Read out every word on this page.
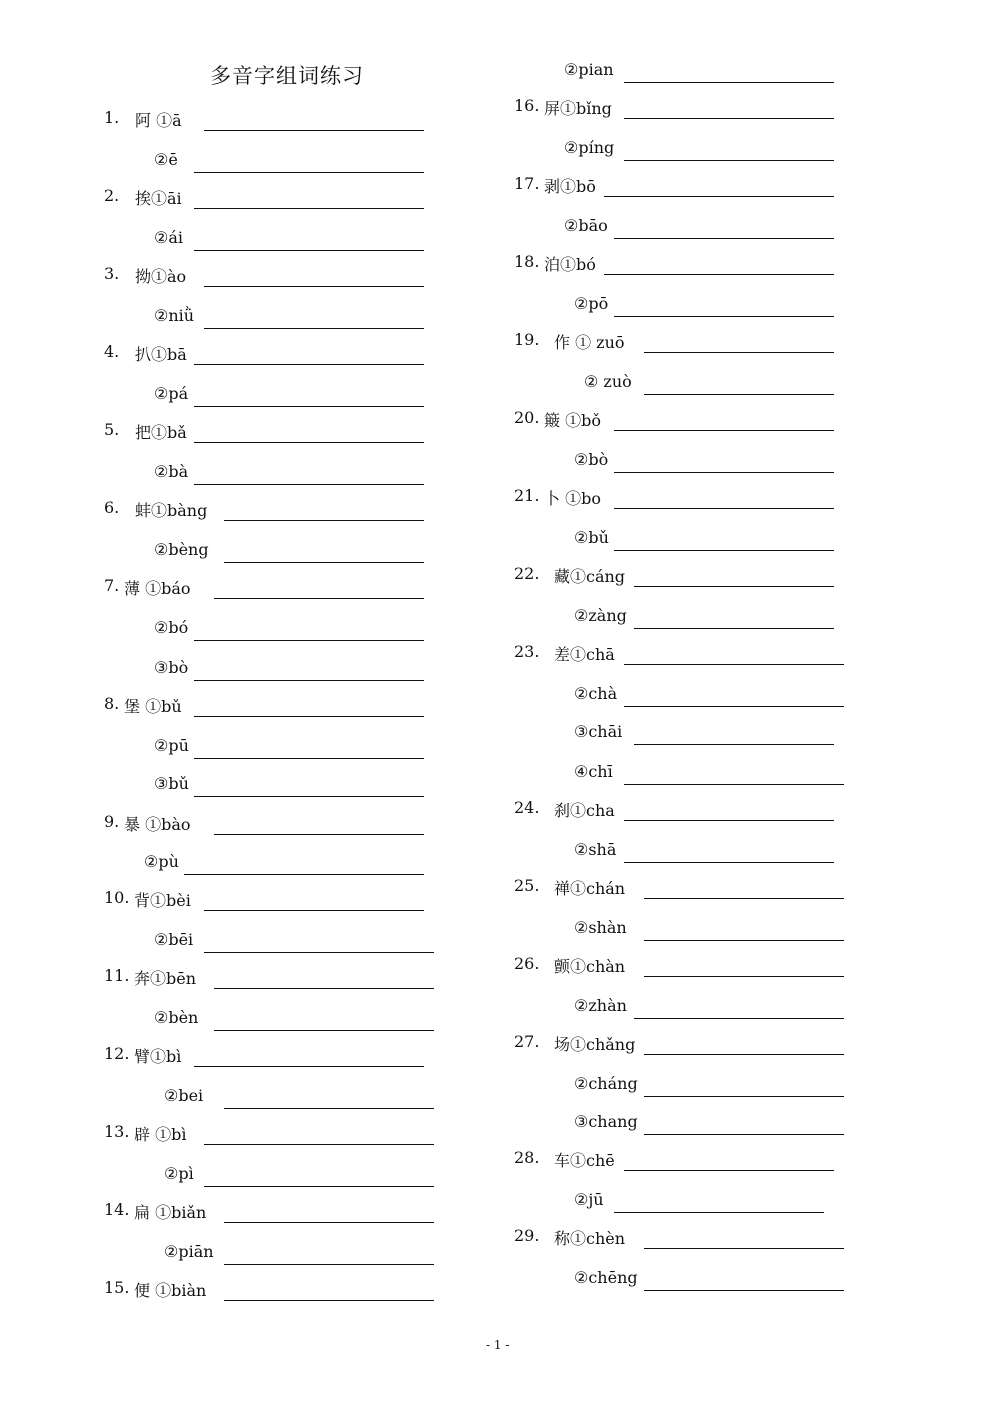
多音字组词练习
1. 阿 ①ā
②ē
2. 挨①āi
②ái
3. 拗①ào
②niǜ
4. 扒①bā
②pá
5. 把①bǎ
②bà
6. 蚌①bàng
②bèng
7. 薄 ①báo
②bó
③bò
8. 堡 ①bǔ
②pū
③bǔ
9. 暴 ①bào
②pù
10. 背①bèi
②bēi
11. 奔①bēn
②bèn
12. 臂①bì
②bei
13. 辟 ①bì
②pì
14. 扁 ①biǎn
②piān
15. 便 ①biàn
②pian
16. 屏①bǐng
②píng
17. 剥①bō
②bāo
18. 泊①bó
②pō
19. 作 ① zuō
② zuò
20. 簸 ①bǒ
②bò
21. 卜 ①bo
②bǔ
22. 藏①cáng
②zàng
23. 差①chā
②chà
③chāi
④chī
24. 刹①cha
②shā
25. 禅①chán
②shàn
26. 颤①chàn
②zhàn
27. 场①chǎng
②cháng
③chang
28. 车①chē
②jū
29. 称①chèn
②chēng
- 1 -
